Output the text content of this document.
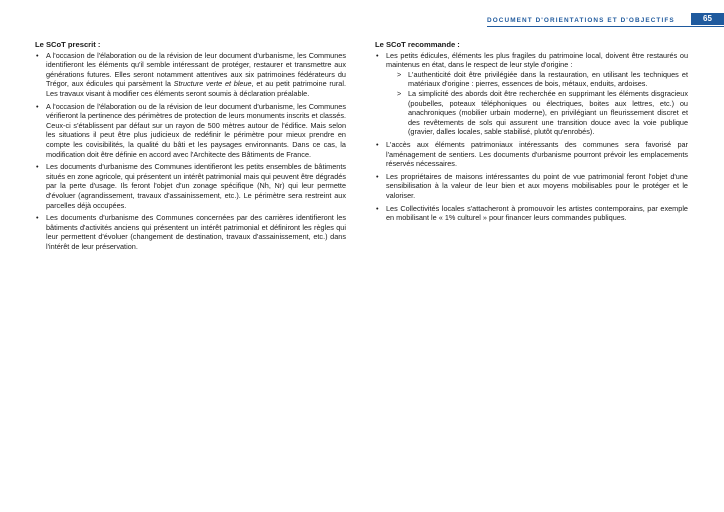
DOCUMENT D'ORIENTATIONS ET D'OBJECTIFS	65
Le SCoT prescrit :
• A l'occasion de l'élaboration ou de la révision de leur document d'urbanisme, les Communes identifieront les éléments qu'il semble intéressant de protéger, restaurer et transmettre aux générations futures. Elles seront notamment attentives aux six patrimoines fédérateurs du Trégor, aux édicules qui parsèment la Structure verte et bleue, et au petit patrimoine rural. Les travaux visant à modifier ces éléments seront soumis à déclaration préalable.
• A l'occasion de l'élaboration ou de la révision de leur document d'urbanisme, les Communes vérifieront la pertinence des périmètres de protection de leurs monuments inscrits et classés. Ceux-ci s'établissent par défaut sur un rayon de 500 mètres autour de l'édifice. Mais selon les situations il peut être plus judicieux de redéfinir le périmètre pour mieux prendre en compte les covisibilités, la qualité du bâti et les paysages environnants. Dans ce cas, la modification doit être définie en accord avec l'Architecte des Bâtiments de France.
• Les documents d'urbanisme des Communes identifieront les petits ensembles de bâtiments situés en zone agricole, qui présentent un intérêt patrimonial mais qui peuvent être dégradés par la perte d'usage. Ils feront l'objet d'un zonage spécifique (Nh, Nr) qui leur permette d'évoluer (agrandissement, travaux d'assainissement, etc.). Le périmètre sera restreint aux parcelles déjà occupées.
• Les documents d'urbanisme des Communes concernées par des carrières identifieront les bâtiments d'activités anciens qui présentent un intérêt patrimonial et définiront les règles qui leur permettent d'évoluer (changement de destination, travaux d'assainissement, etc.) dans l'intérêt de leur préservation.
Le SCoT recommande :
• Les petits édicules, éléments les plus fragiles du patrimoine local, doivent être restaurés ou maintenus en état, dans le respect de leur style d'origine :
> L'authenticité doit être privilégiée dans la restauration, en utilisant les techniques et matériaux d'origine : pierres, essences de bois, métaux, enduits, ardoises.
> La simplicité des abords doit être recherchée en supprimant les éléments disgracieux (poubelles, poteaux téléphoniques ou électriques, boites aux lettres, etc.) ou anachroniques (mobilier urbain moderne), en privilégiant un fleurissement discret et des revêtements de sols qui assurent une transition douce avec la voie publique (gravier, dalles locales, sable stabilisé, plutôt qu'enrobés).
• L'accès aux éléments patrimoniaux intéressants des communes sera favorisé par l'aménagement de sentiers. Les documents d'urbanisme pourront prévoir les emplacements réservés nécessaires.
• Les propriétaires de maisons intéressantes du point de vue patrimonial feront l'objet d'une sensibilisation à la valeur de leur bien et aux moyens mobilisables pour le protéger et le valoriser.
• Les Collectivités locales s'attacheront à promouvoir les artistes contemporains, par exemple en mobilisant le « 1% culturel » pour financer leurs commandes publiques.
